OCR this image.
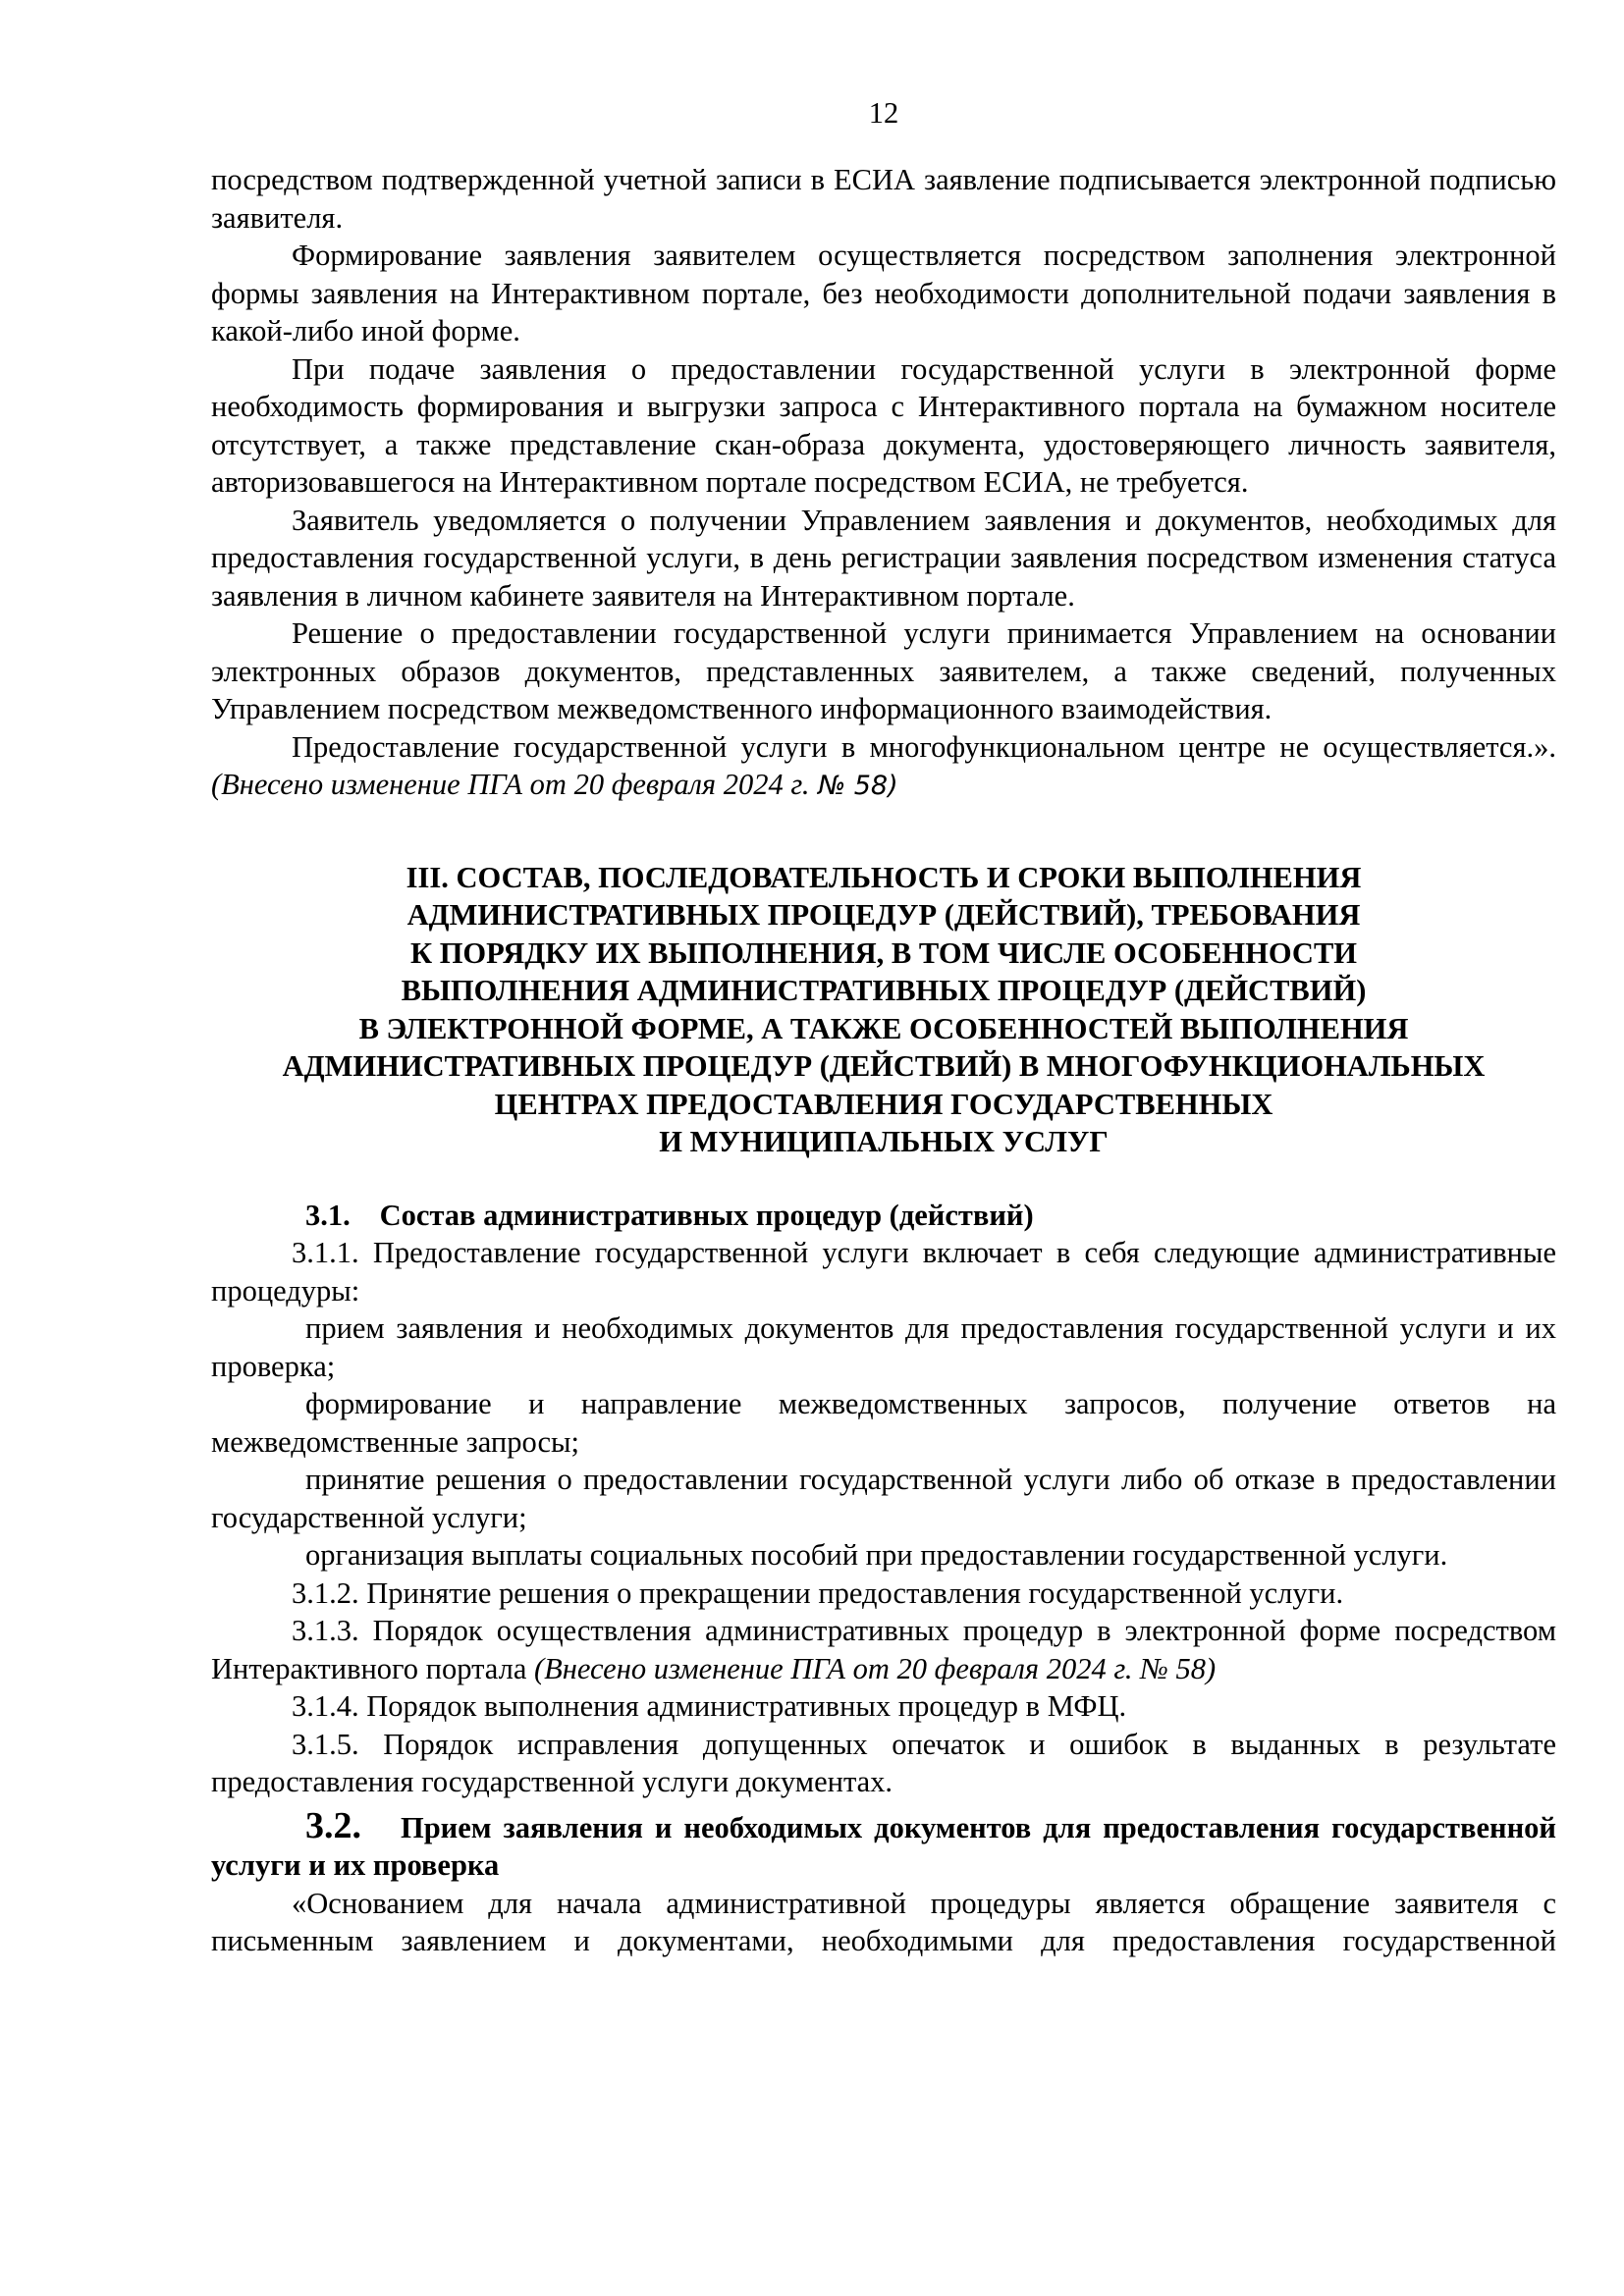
12

посредством подтвержденной учетной записи в ЕСИА заявление подписывается электронной подписью заявителя.

Формирование заявления заявителем осуществляется посредством заполнения электронной формы заявления на Интерактивном портале, без необходимости дополнительной подачи заявления в какой-либо иной форме.

При подаче заявления о предоставлении государственной услуги в электронной форме необходимость формирования и выгрузки запроса с Интерактивного портала на бумажном носителе отсутствует, а также представление скан-образа документа, удостоверяющего личность заявителя, авторизовавшегося на Интерактивном портале посредством ЕСИА, не требуется.

Заявитель уведомляется о получении Управлением заявления и документов, необходимых для предоставления государственной услуги, в день регистрации заявления посредством изменения статуса заявления в личном кабинете заявителя на Интерактивном портале.

Решение о предоставлении государственной услуги принимается Управлением на основании электронных образов документов, представленных заявителем, а также сведений, полученных Управлением посредством межведомственного информационного взаимодействия.

Предоставление государственной услуги в многофункциональном центре не осуществляется.». (Внесено изменение ПГА от 20 февраля 2024 г. № 58)

III. СОСТАВ, ПОСЛЕДОВАТЕЛЬНОСТЬ И СРОКИ ВЫПОЛНЕНИЯ
АДМИНИСТРАТИВНЫХ ПРОЦЕДУР (ДЕЙСТВИЙ), ТРЕБОВАНИЯ
К ПОРЯДКУ ИХ ВЫПОЛНЕНИЯ, В ТОМ ЧИСЛЕ ОСОБЕННОСТИ
ВЫПОЛНЕНИЯ АДМИНИСТРАТИВНЫХ ПРОЦЕДУР (ДЕЙСТВИЙ)
В ЭЛЕКТРОННОЙ ФОРМЕ, А ТАКЖЕ ОСОБЕННОСТЕЙ ВЫПОЛНЕНИЯ
АДМИНИСТРАТИВНЫХ ПРОЦЕДУР (ДЕЙСТВИЙ) В МНОГОФУНКЦИОНАЛЬНЫХ
ЦЕНТРАХ ПРЕДОСТАВЛЕНИЯ ГОСУДАРСТВЕННЫХ
И МУНИЦИПАЛЬНЫХ УСЛУГ

3.1. Состав административных процедур (действий)

3.1.1. Предоставление государственной услуги включает в себя следующие административные процедуры:

прием заявления и необходимых документов для предоставления государственной услуги и их проверка;

формирование и направление межведомственных запросов, получение ответов на межведомственные запросы;

принятие решения о предоставлении государственной услуги либо об отказе в предоставлении государственной услуги;

организация выплаты социальных пособий при предоставлении государственной услуги.

3.1.2. Принятие решения о прекращении предоставления государственной услуги.

3.1.3. Порядок осуществления административных процедур в электронной форме посредством Интерактивного портала (Внесено изменение ПГА от 20 февраля 2024 г. № 58)

3.1.4. Порядок выполнения административных процедур в МФЦ.

3.1.5. Порядок исправления допущенных опечаток и ошибок в выданных в результате предоставления государственной услуги документах.

3.2. Прием заявления и необходимых документов для предоставления государственной услуги и их проверка

«Основанием для начала административной процедуры является обращение заявителя с письменным заявлением и документами, необходимыми для предоставления государственной
